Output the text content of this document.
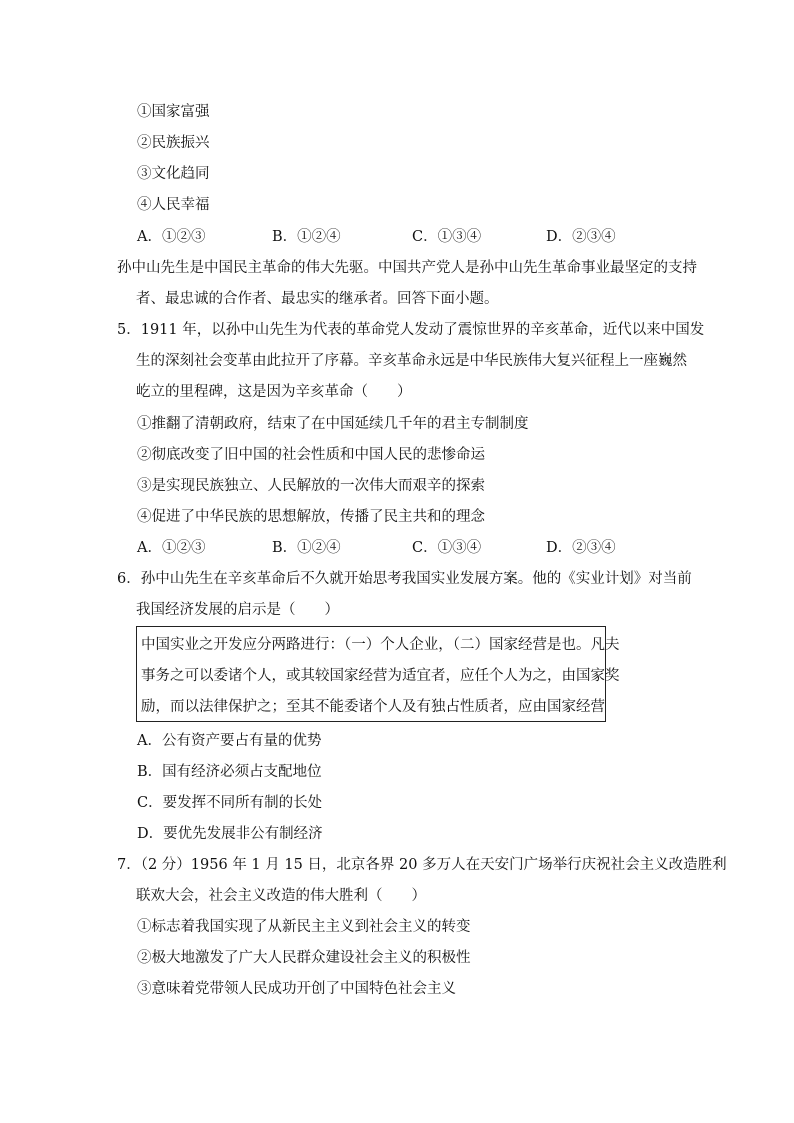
①国家富强
②民族振兴
③文化趋同
④人民幸福
A．①②③	B．①②④	C．①③④	D．②③④
孙中山先生是中国民主革命的伟大先驱。中国共产党人是孙中山先生革命事业最坚定的支持
者、最忠诚的合作者、最忠实的继承者。回答下面小题。
5．1911 年，以孙中山先生为代表的革命党人发动了震惊世界的辛亥革命，近代以来中国发
生的深刻社会变革由此拉开了序幕。辛亥革命永远是中华民族伟大复兴征程上一座巍然
屹立的里程碑，这是因为辛亥革命（　　）
①推翻了清朝政府，结束了在中国延续几千年的君主专制制度
②彻底改变了旧中国的社会性质和中国人民的悲惨命运
③是实现民族独立、人民解放的一次伟大而艰辛的探索
④促进了中华民族的思想解放，传播了民主共和的理念
A．①②③	B．①②④	C．①③④	D．②③④
6．孙中山先生在辛亥革命后不久就开始思考我国实业发展方案。他的《实业计划》对当前
我国经济发展的启示是（　　）
中国实业之开发应分两路进行：（一）个人企业，（二）国家经营是也。凡夫
事务之可以委诸个人，或其较国家经营为适宜者，应任个人为之，由国家奖
励，而以法律保护之；至其不能委诸个人及有独占性质者，应由国家经营
A．公有资产要占有量的优势
B．国有经济必须占支配地位
C．要发挥不同所有制的长处
D．要优先发展非公有制经济
7．（2 分）1956 年 1 月 15 日，北京各界 20 多万人在天安门广场举行庆祝社会主义改造胜利
联欢大会，社会主义改造的伟大胜利（　　）
①标志着我国实现了从新民主主义到社会主义的转变
②极大地激发了广大人民群众建设社会主义的积极性
③意味着党带领人民成功开创了中国特色社会主义
